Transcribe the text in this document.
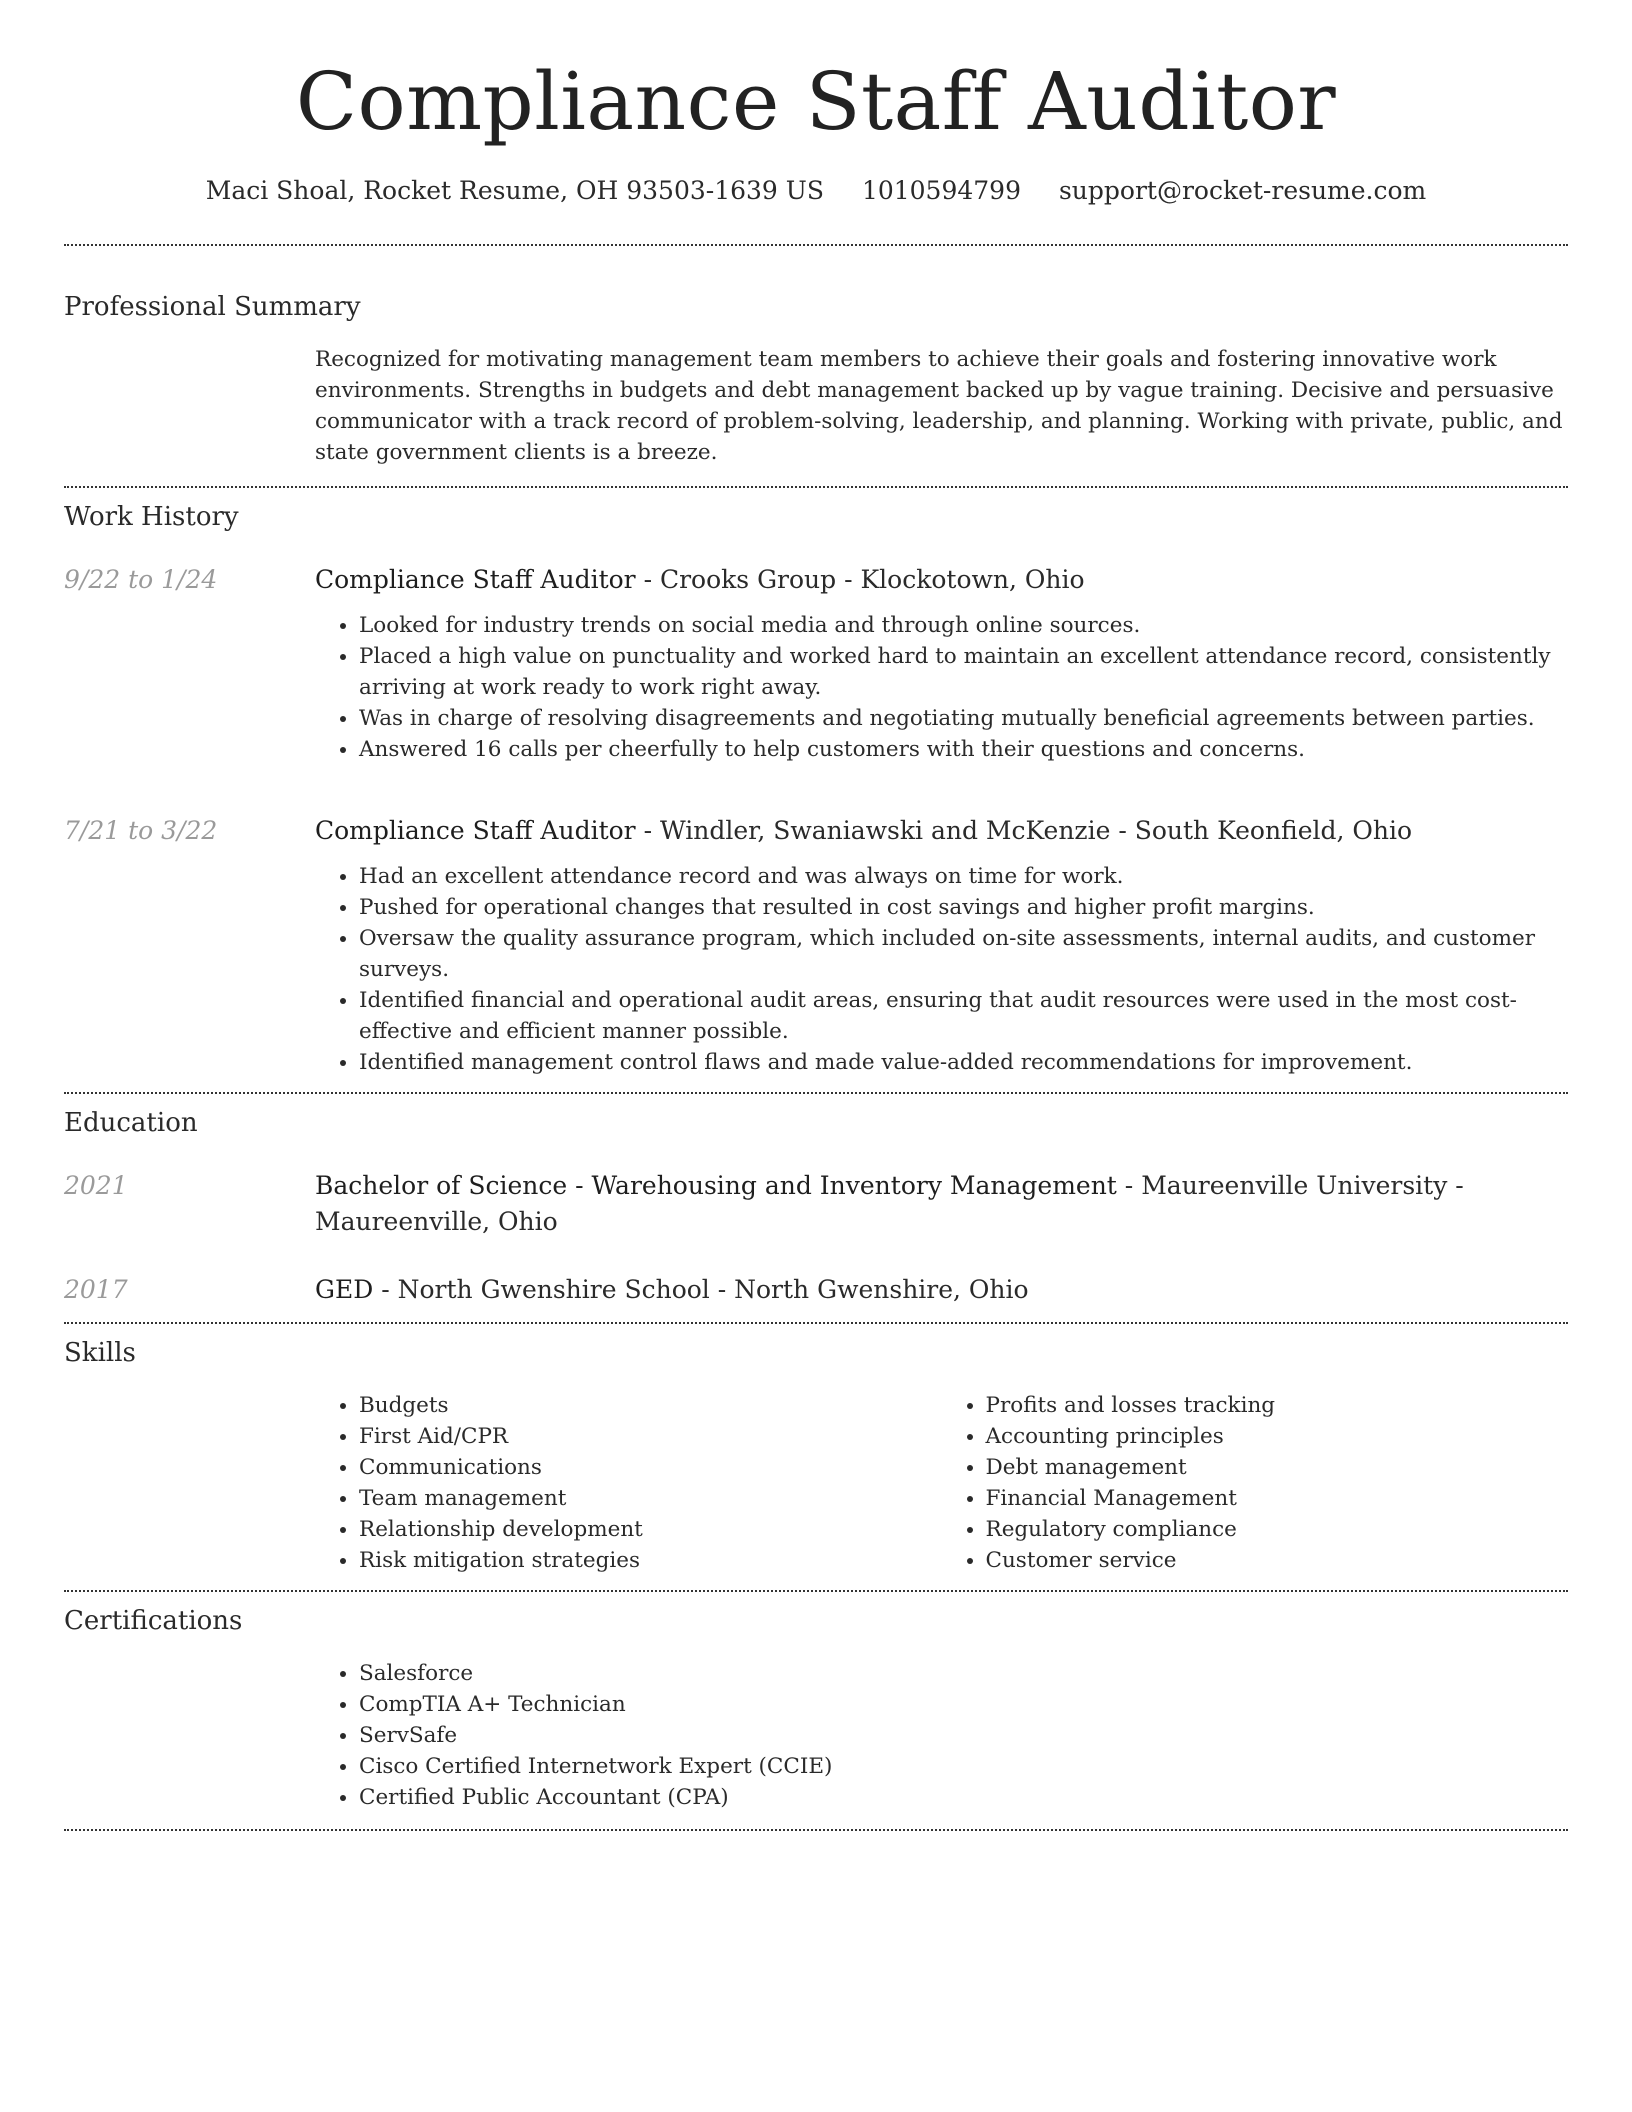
Compliance Staff Auditor
Maci Shoal, Rocket Resume, OH 93503-1639 US 1010594799 support@rocket-resume.com
Professional Summary
Recognized for motivating management team members to achieve their goals and fostering innovative work environments. Strengths in budgets and debt management backed up by vague training. Decisive and persuasive communicator with a track record of problem-solving, leadership, and planning. Working with private, public, and state government clients is a breeze.
Work History
9/22 to 1/24	Compliance Staff Auditor - Crooks Group - Klockotown, Ohio
• Looked for industry trends on social media and through online sources.
• Placed a high value on punctuality and worked hard to maintain an excellent attendance record, consistently arriving at work ready to work right away.
• Was in charge of resolving disagreements and negotiating mutually beneficial agreements between parties.
• Answered 16 calls per cheerfully to help customers with their questions and concerns.
7/21 to 3/22	Compliance Staff Auditor - Windler, Swaniawski and McKenzie - South Keonfield, Ohio
• Had an excellent attendance record and was always on time for work.
• Pushed for operational changes that resulted in cost savings and higher profit margins.
• Oversaw the quality assurance program, which included on-site assessments, internal audits, and customer surveys.
• Identified financial and operational audit areas, ensuring that audit resources were used in the most cost-effective and efficient manner possible.
• Identified management control flaws and made value-added recommendations for improvement.
Education
2021	Bachelor of Science - Warehousing and Inventory Management - Maureenville University - Maureenville, Ohio
2017	GED - North Gwenshire School - North Gwenshire, Ohio
Skills
• Budgets
• First Aid/CPR
• Communications
• Team management
• Relationship development
• Risk mitigation strategies
• Profits and losses tracking
• Accounting principles
• Debt management
• Financial Management
• Regulatory compliance
• Customer service
Certifications
• Salesforce
• CompTIA A+ Technician
• ServSafe
• Cisco Certified Internetwork Expert (CCIE)
• Certified Public Accountant (CPA)
